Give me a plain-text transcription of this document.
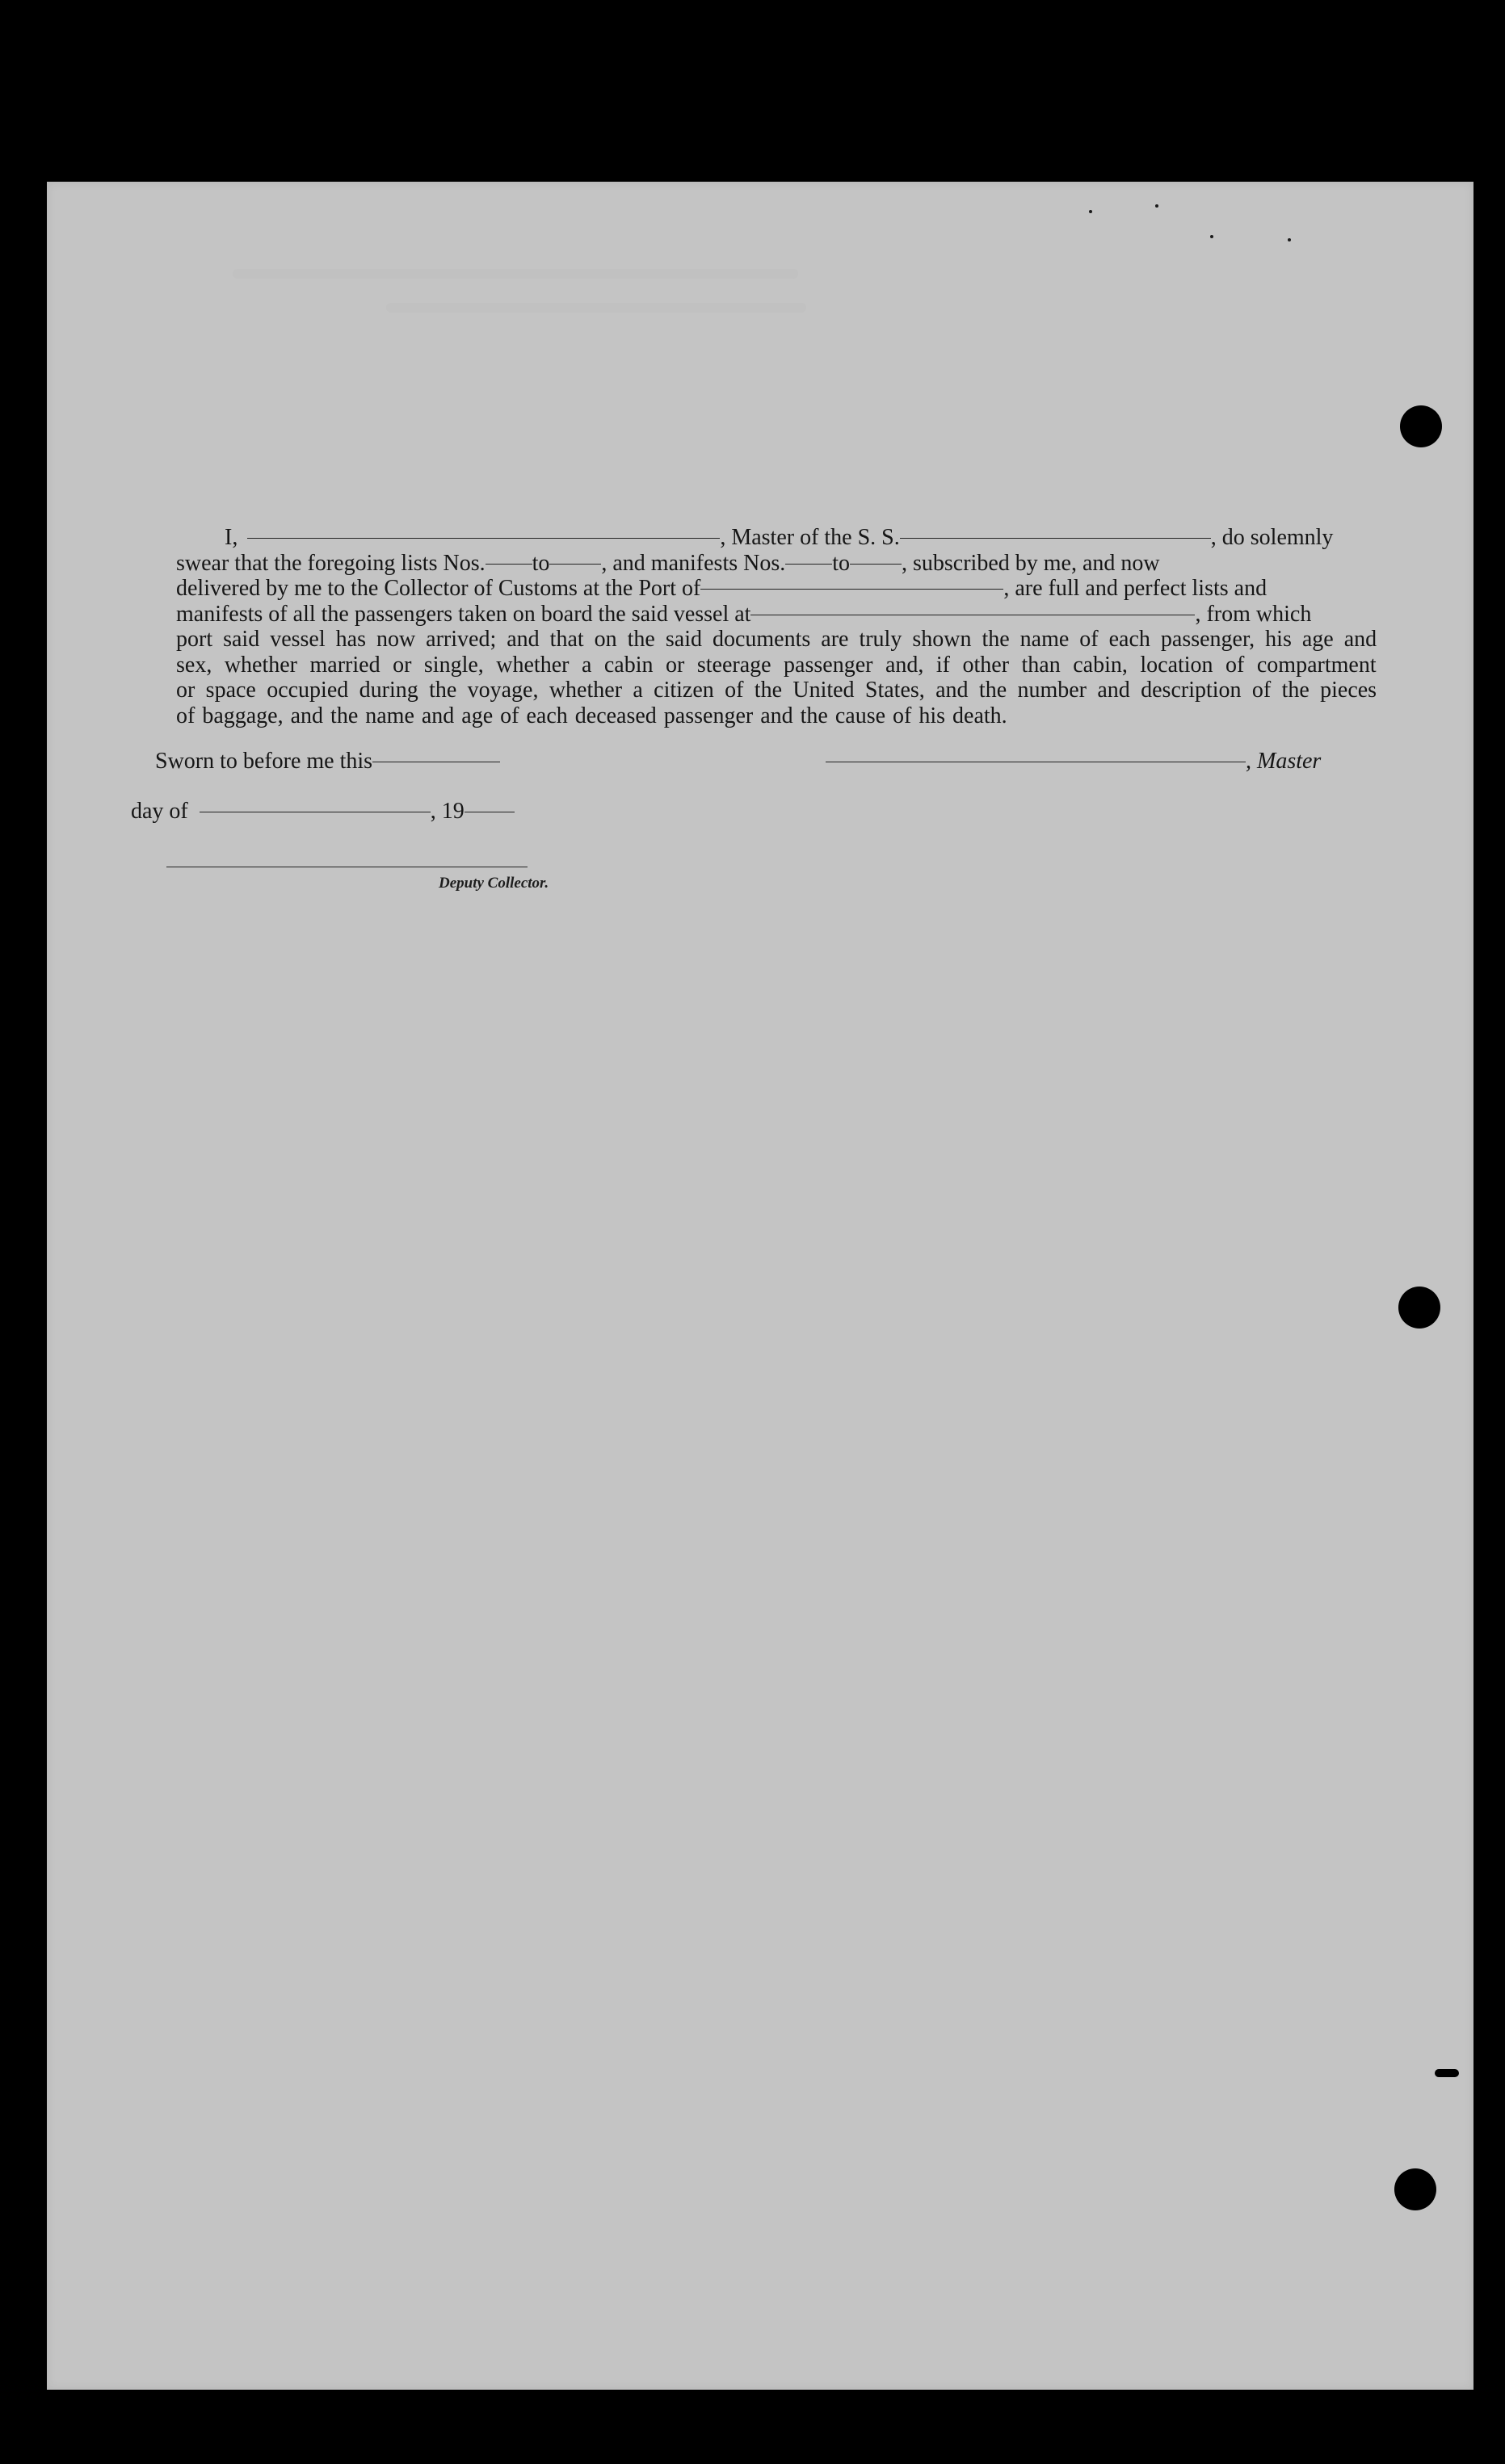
I,	, Master of the S. S.	, do solemnly
swear that the foregoing lists Nos. to , and manifests Nos. to , subscribed by me, and now
delivered by me to the Collector of Customs at the Port of	, are full and perfect lists and
manifests of all the passengers taken on board the said vessel at	, from which
port said vessel has now arrived; and that on the said documents are truly shown the name of each passenger, his age and
sex, whether married or single, whether a cabin or steerage passenger and, if other than cabin, location of compartment
or space occupied during the voyage, whether a citizen of the United States, and the number and description of the pieces
of baggage, and the name and age of each deceased passenger and the cause of his death.
Sworn to before me this	, Master
day of	, 19
Deputy Collector.
